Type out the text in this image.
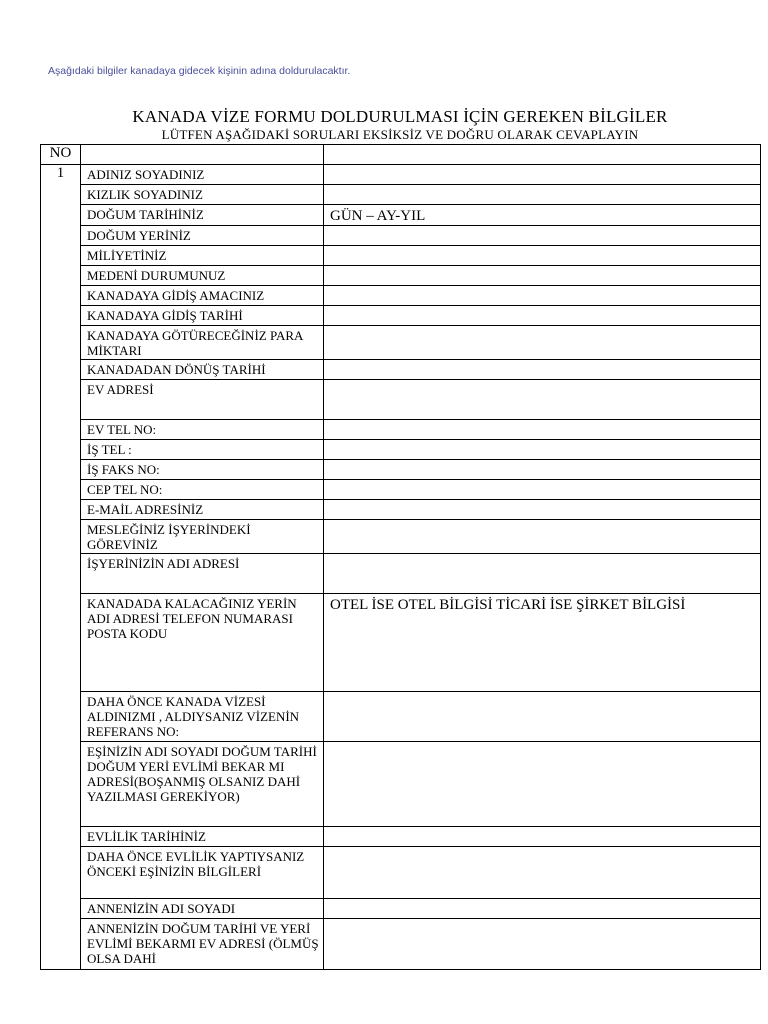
Aşağıdaki bilgiler kanadaya gidecek kişinin adına doldurulacaktır.
KANADA VİZE FORMU DOLDURULMASI İÇİN GEREKEN BİLGİLER
LÜTFEN AŞAĞIDAKİ SORULARI EKSİKSİZ VE DOĞRU OLARAK CEVAPLAYIN
NO		
1	ADINIZ SOYADINIZ	
	KIZLIK SOYADINIZ	
	DOĞUM TARİHİNİZ	GÜN – AY-YIL
	DOĞUM YERİNİZ	
	MİLİYETİNİZ	
	MEDENİ DURUMUNUZ	
	KANADAYA GİDİŞ AMACINIZ	
	KANADAYA GİDİŞ TARİHİ	
	KANADAYA GÖTÜRECEĞİNİZ PARA MİKTARI	
	KANADADAN DÖNÜŞ TARİHİ	
	EV ADRESİ	
	EV TEL NO:	
	İŞ TEL :	
	İŞ FAKS NO:	
	CEP TEL NO:	
	E-MAİL ADRESİNİZ	
	MESLEĞİNİZ İŞYERİNDEKİ GÖREVİNİZ	
	İŞYERİNİZİN ADI ADRESİ	
	KANADADA KALACAĞINIZ YERİN ADI ADRESİ TELEFON NUMARASI POSTA KODU	OTEL İSE OTEL BİLGİSİ TİCARİ İSE ŞİRKET BİLGİSİ
	DAHA ÖNCE KANADA VİZESİ ALDINIZMI , ALDIYSANIZ VİZENİN REFERANS NO:	
	EŞİNİZİN ADI SOYADI DOĞUM TARİHİ DOĞUM YERİ EVLİMİ BEKAR MI ADRESİ(BOŞANMIŞ OLSANIZ DAHİ YAZILMASI GEREKİYOR)	
	EVLİLİK TARİHİNİZ	
	DAHA ÖNCE EVLİLİK YAPTIYSANIZ ÖNCEKİ EŞİNİZİN BİLGİLERİ	
	ANNENİZİN ADI SOYADI	
	ANNENİZİN DOĞUM TARİHİ VE YERİ EVLİMİ BEKARMI EV ADRESİ (ÖLMÜŞ OLSA DAHİ	
